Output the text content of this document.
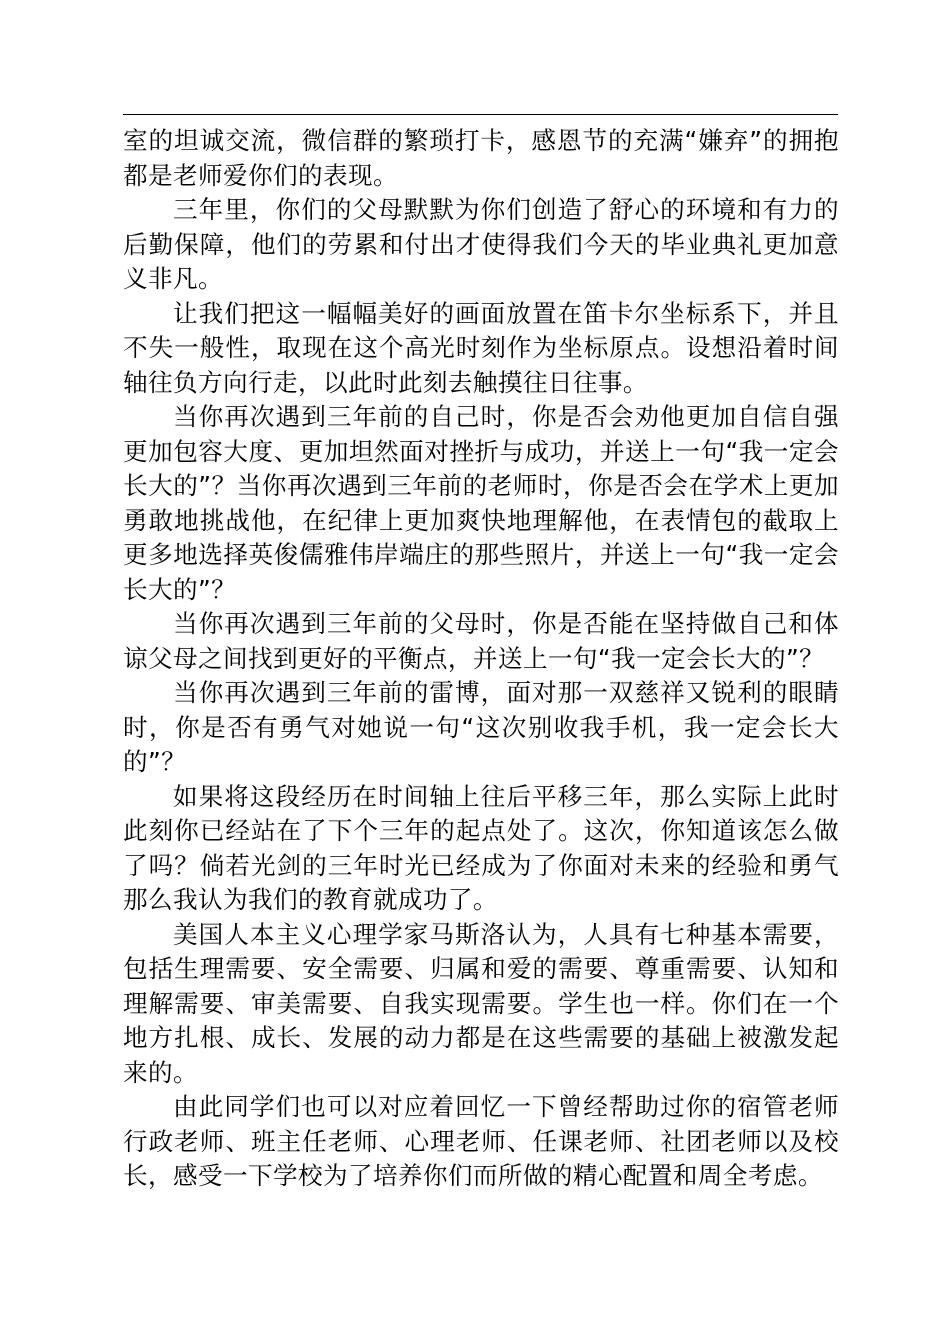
室的坦诚交流，微信群的繁琐打卡，感恩节的充满“嫌弃”的拥抱都是老师爱你们的表现。

三年里，你们的父母默默为你们创造了舒心的环境和有力的后勤保障，他们的劳累和付出才使得我们今天的毕业典礼更加意义非凡。

让我们把这一幅幅美好的画面放置在笛卡尔坐标系下，并且不失一般性，取现在这个高光时刻作为坐标原点。设想沿着时间轴往负方向行走，以此时此刻去触摸往日往事。

当你再次遇到三年前的自己时，你是否会劝他更加自信自强更加包容大度、更加坦然面对挫折与成功，并送上一句“我一定会长大的”？当你再次遇到三年前的老师时，你是否会在学术上更加勇敢地挑战他，在纪律上更加爽快地理解他，在表情包的截取上更多地选择英俊儒雅伟岸端庄的那些照片，并送上一句“我一定会长大的”？

当你再次遇到三年前的父母时，你是否能在坚持做自己和体谅父母之间找到更好的平衡点，并送上一句“我一定会长大的”？

当你再次遇到三年前的雷博，面对那一双慈祥又锐利的眼睛时，你是否有勇气对她说一句“这次别收我手机，我一定会长大的”？

如果将这段经历在时间轴上往后平移三年，那么实际上此时此刻你已经站在了下个三年的起点处了。这次，你知道该怎么做了吗？倘若光剑的三年时光已经成为了你面对未来的经验和勇气那么我认为我们的教育就成功了。

美国人本主义心理学家马斯洛认为，人具有七种基本需要，包括生理需要、安全需要、归属和爱的需要、尊重需要、认知和理解需要、审美需要、自我实现需要。学生也一样。你们在一个地方扎根、成长、发展的动力都是在这些需要的基础上被激发起来的。

由此同学们也可以对应着回忆一下曾经帮助过你的宿管老师行政老师、班主任老师、心理老师、任课老师、社团老师以及校长，感受一下学校为了培养你们而所做的精心配置和周全考虑。
